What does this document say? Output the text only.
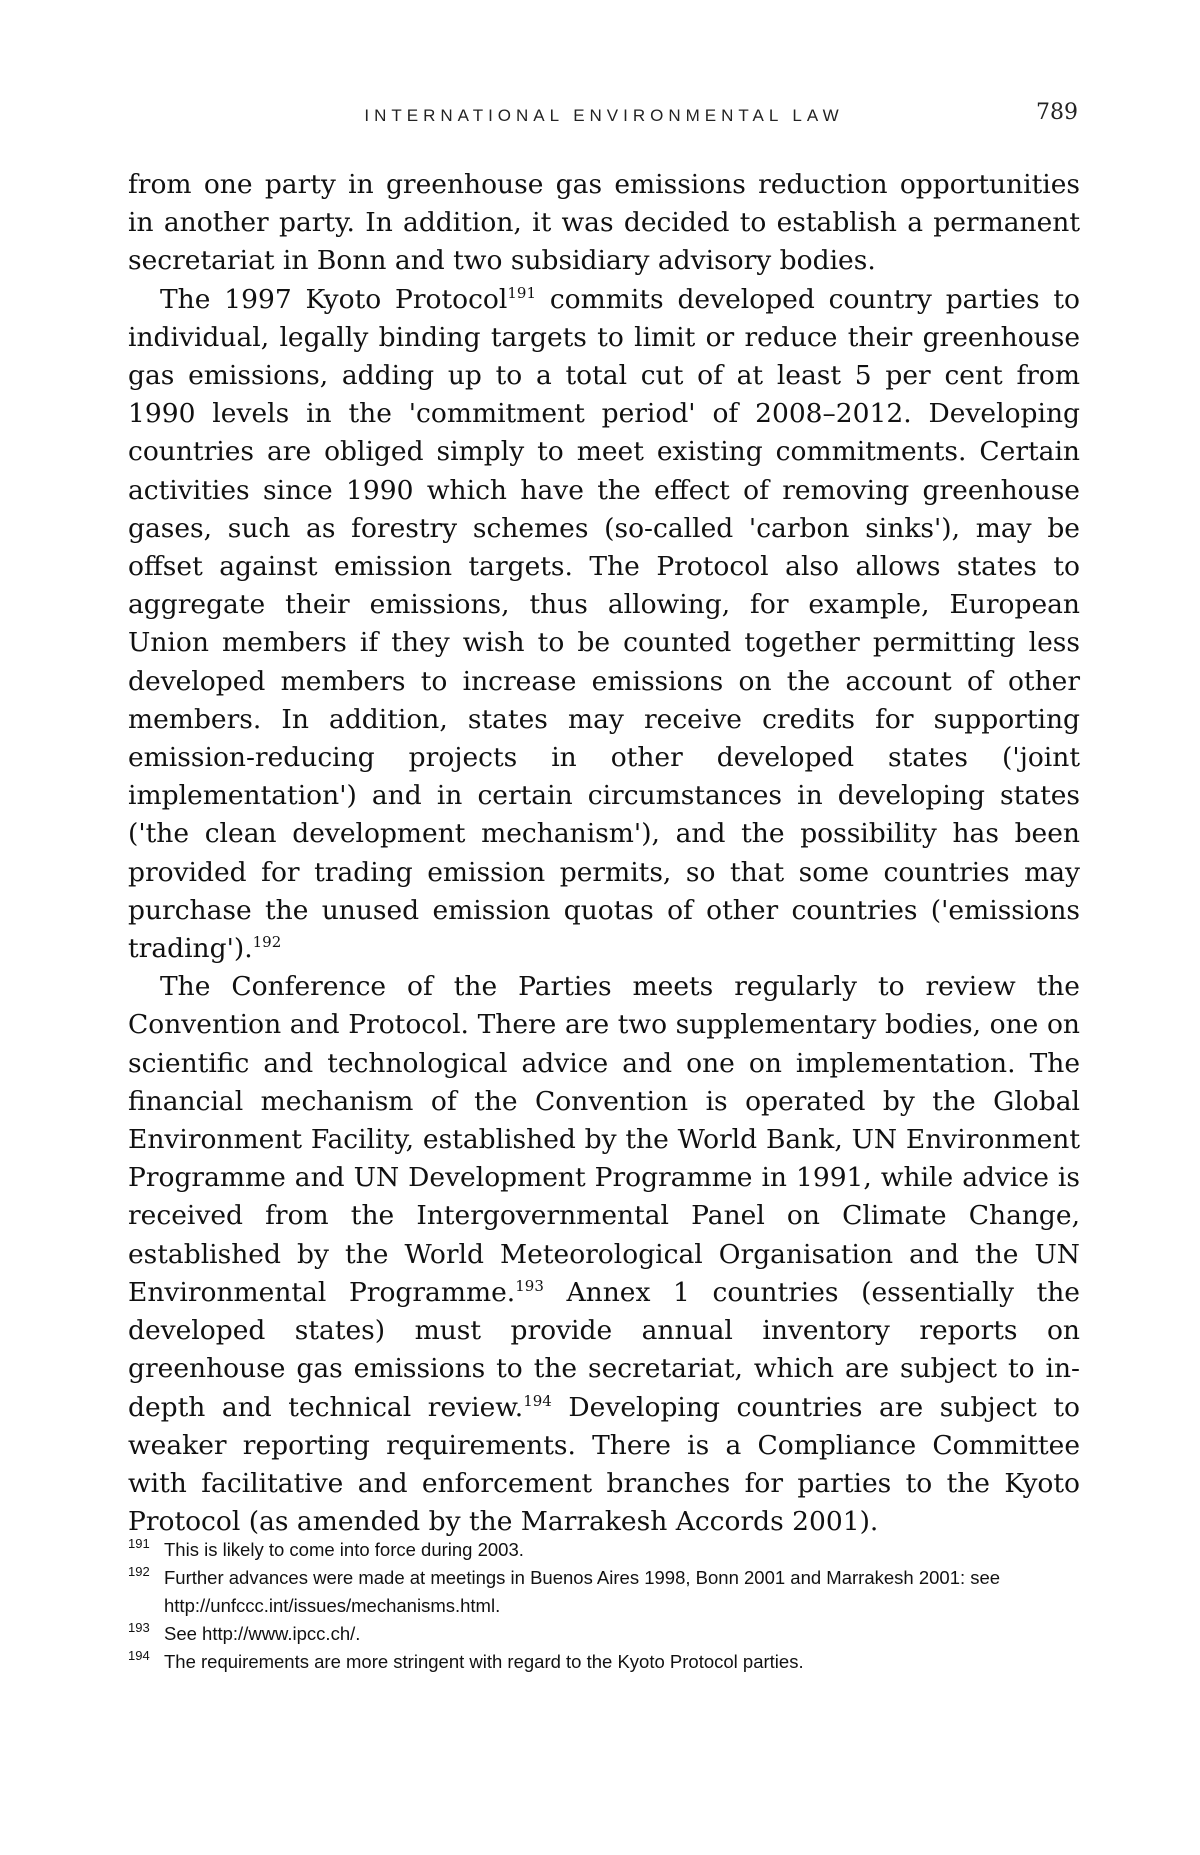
INTERNATIONAL ENVIRONMENTAL LAW	789

from one party in greenhouse gas emissions reduction opportunities in another party. In addition, it was decided to establish a permanent secretariat in Bonn and two subsidiary advisory bodies.

The 1997 Kyoto Protocol$^{191}$ commits developed country parties to individual, legally binding targets to limit or reduce their greenhouse gas emissions, adding up to a total cut of at least 5 per cent from 1990 levels in the 'commitment period' of 2008–2012. Developing countries are obliged simply to meet existing commitments. Certain activities since 1990 which have the effect of removing greenhouse gases, such as forestry schemes (so-called 'carbon sinks'), may be offset against emission targets. The Protocol also allows states to aggregate their emissions, thus allowing, for example, European Union members if they wish to be counted together permitting less developed members to increase emissions on the account of other members. In addition, states may receive credits for supporting emission-reducing projects in other developed states ('joint implementation') and in certain circumstances in developing states ('the clean development mechanism'), and the possibility has been provided for trading emission permits, so that some countries may purchase the unused emission quotas of other countries ('emissions trading').$^{192}$

The Conference of the Parties meets regularly to review the Convention and Protocol. There are two supplementary bodies, one on scientific and technological advice and one on implementation. The financial mechanism of the Convention is operated by the Global Environment Facility, established by the World Bank, UN Environment Programme and UN Development Programme in 1991, while advice is received from the Intergovernmental Panel on Climate Change, established by the World Meteorological Organisation and the UN Environmental Programme.$^{193}$ Annex 1 countries (essentially the developed states) must provide annual inventory reports on greenhouse gas emissions to the secretariat, which are subject to in-depth and technical review.$^{194}$ Developing countries are subject to weaker reporting requirements. There is a Compliance Committee with facilitative and enforcement branches for parties to the Kyoto Protocol (as amended by the Marrakesh Accords 2001).

191 This is likely to come into force during 2003.
192 Further advances were made at meetings in Buenos Aires 1998, Bonn 2001 and Marrakesh 2001: see http://unfccc.int/issues/mechanisms.html.
193 See http://www.ipcc.ch/.
194 The requirements are more stringent with regard to the Kyoto Protocol parties.
